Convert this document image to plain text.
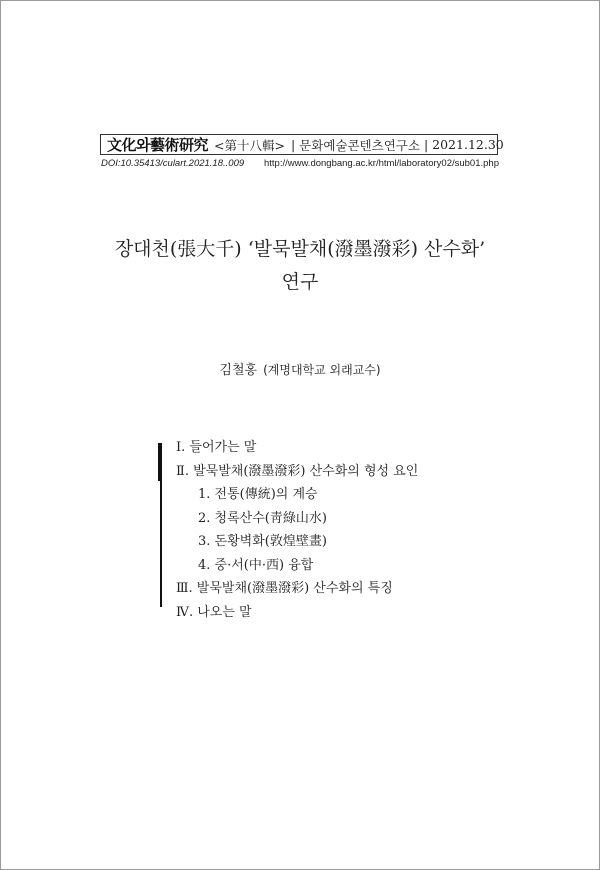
文化와藝術研究 <第十八輯> | 문화예술콘텐츠연구소 | 2021.12.30
DOI:10.35413/culart.2021.18..009 http://www.dongbang.ac.kr/html/laboratory02/sub01.php
장대천(張大千) ‘발묵발채(潑墨潑彩) 산수화’
연구
김철홍 (계명대학교 외래교수)
Ⅰ. 들어가는 말
Ⅱ. 발묵발채(潑墨潑彩) 산수화의 형성 요인
1. 전통(傳統)의 계승
2. 청록산수(靑綠山水)
3. 돈황벽화(敦煌壁畫)
4. 중·서(中·西) 융합
Ⅲ. 발묵발채(潑墨潑彩) 산수화의 특징
Ⅳ. 나오는 말
